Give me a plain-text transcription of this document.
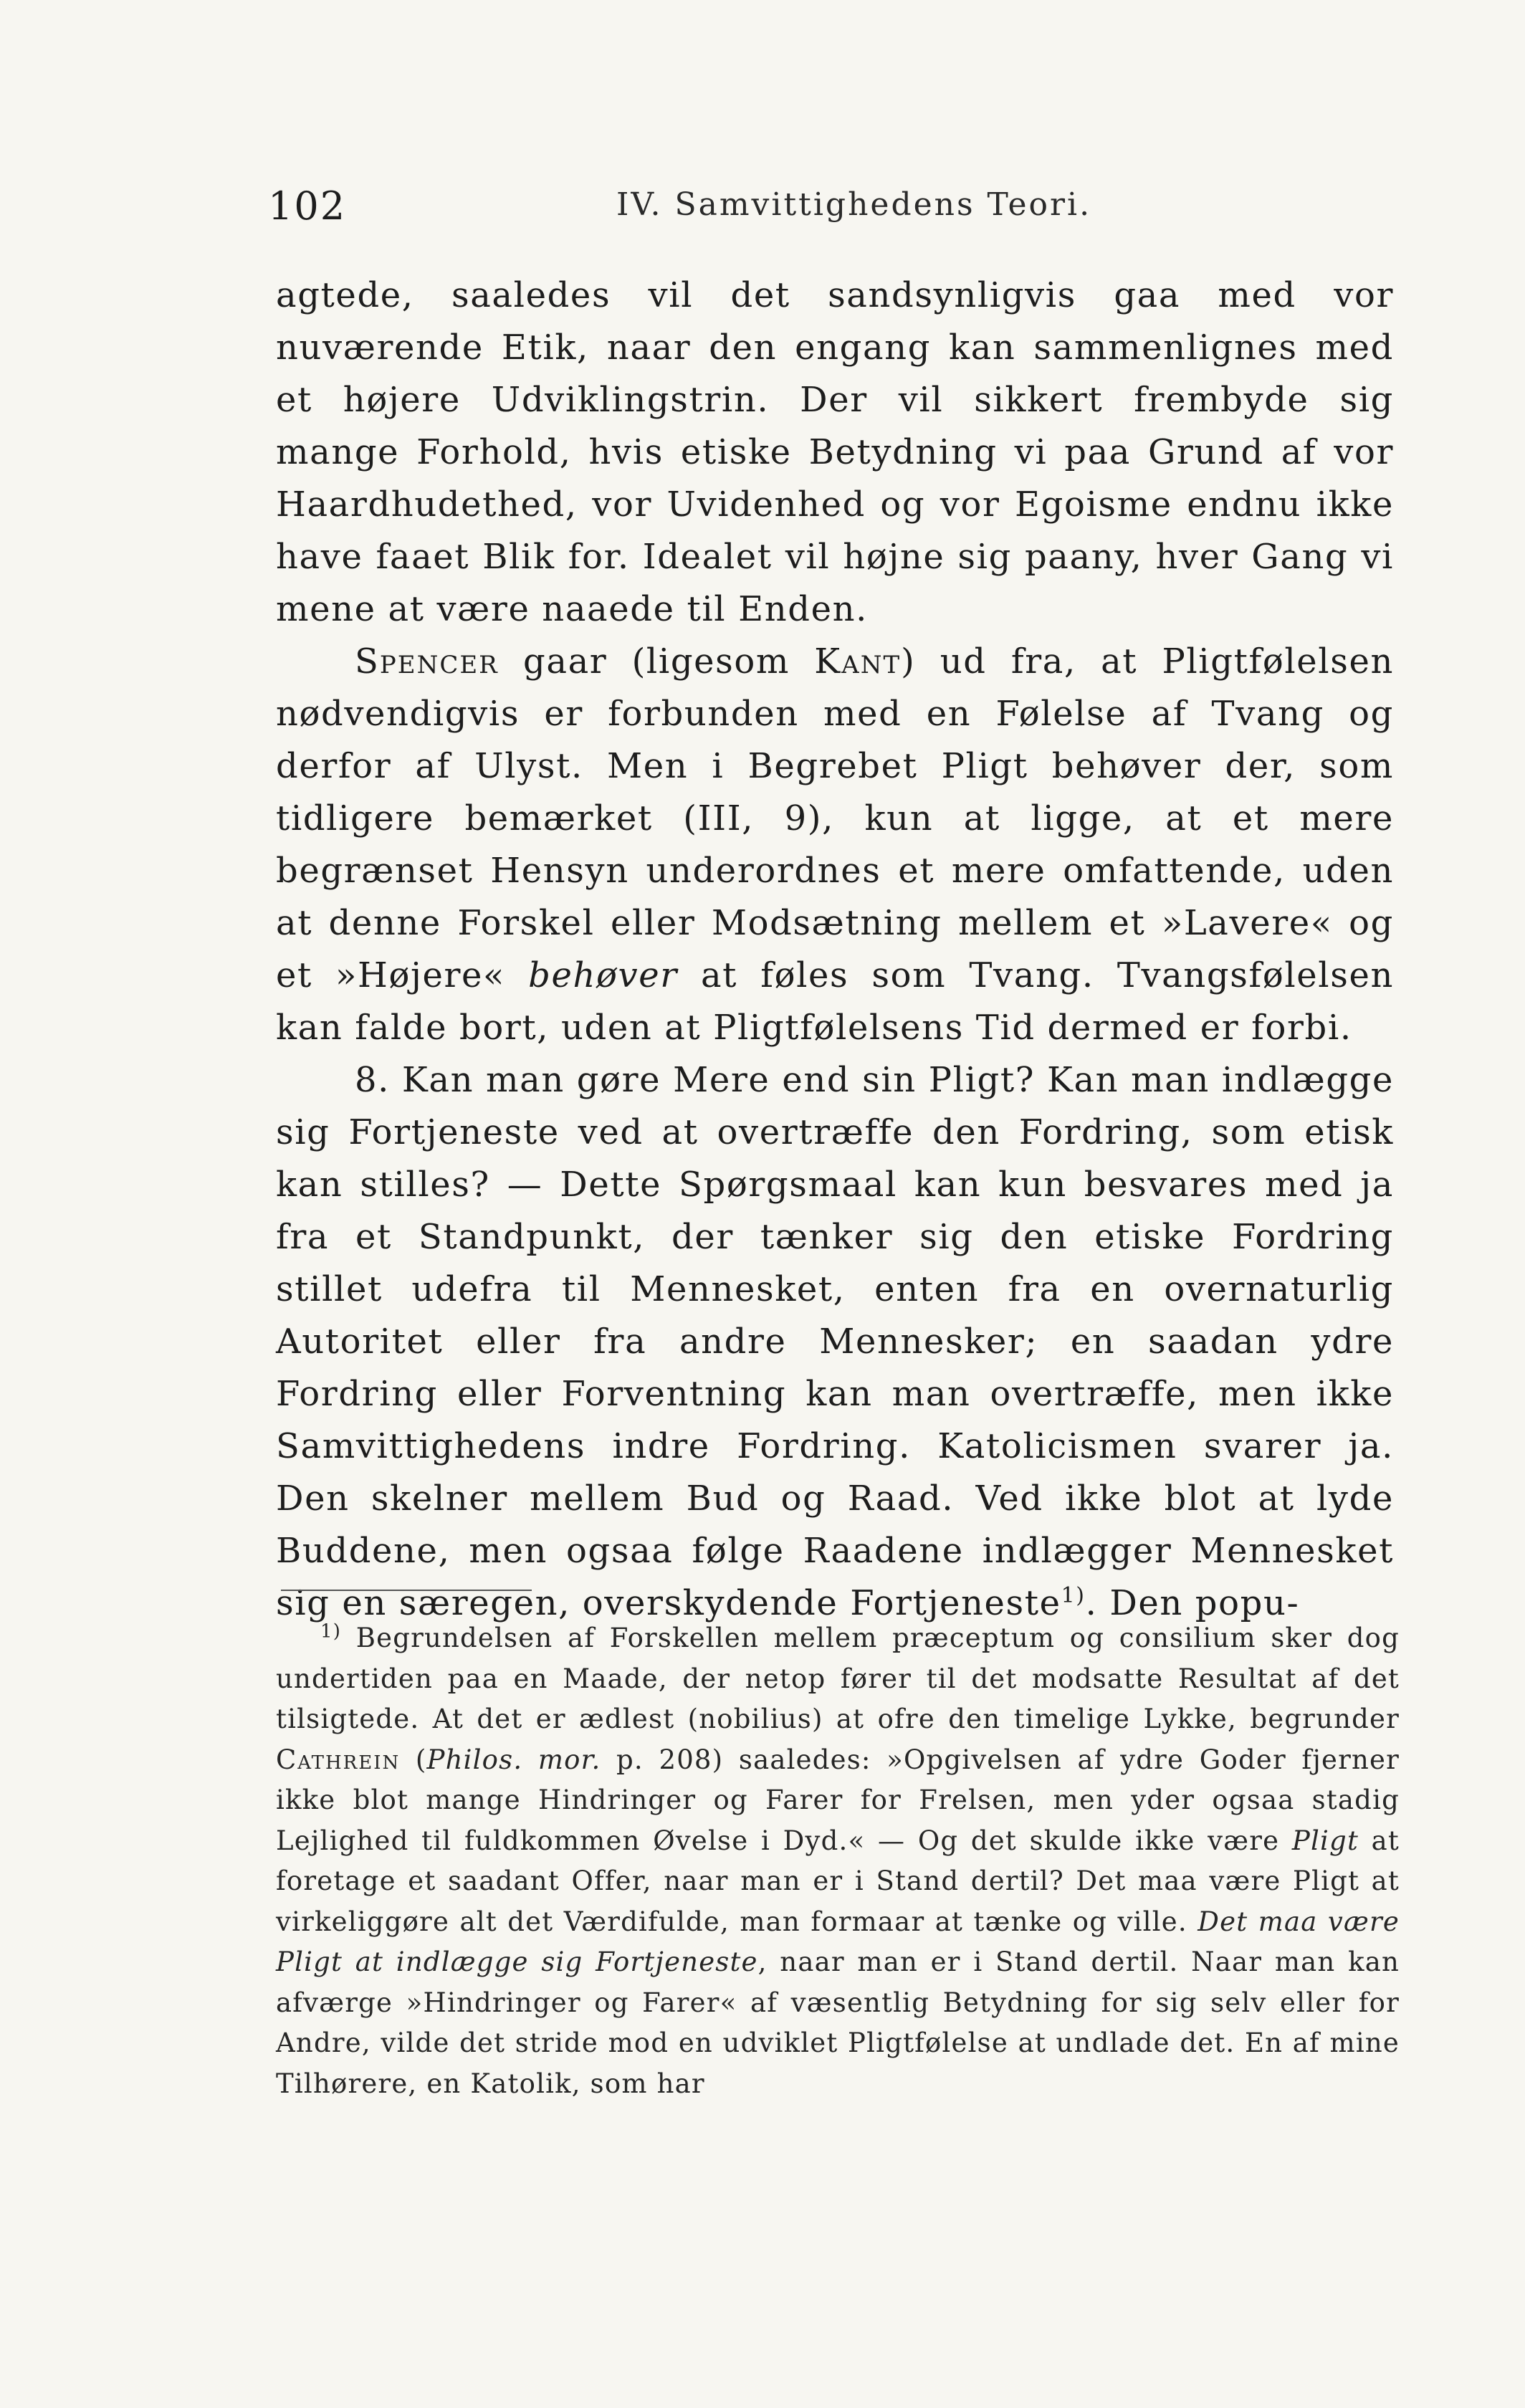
102	IV. Samvittighedens Teori.

agtede, saaledes vil det sandsynligvis gaa med vor nuværende Etik, naar den engang kan sammenlignes med et højere Udviklingstrin. Der vil sikkert frembyde sig mange Forhold, hvis etiske Betydning vi paa Grund af vor Haardhudethed, vor Uvidenhed og vor Egoisme endnu ikke have faaet Blik for. Idealet vil højne sig paany, hver Gang vi mene at være naaede til Enden.

Spencer gaar (ligesom Kant) ud fra, at Pligtfølelsen nødvendigvis er forbunden med en Følelse af Tvang og derfor af Ulyst. Men i Begrebet Pligt behøver der, som tidligere bemærket (III, 9), kun at ligge, at et mere begrænset Hensyn underordnes et mere omfattende, uden at denne Forskel eller Modsætning mellem et »Lavere« og et »Højere« behøver at føles som Tvang. Tvangsfølelsen kan falde bort, uden at Pligtfølelsens Tid dermed er forbi.

8. Kan man gøre Mere end sin Pligt? Kan man indlægge sig Fortjeneste ved at overtræffe den Fordring, som etisk kan stilles? — Dette Spørgsmaal kan kun besvares med ja fra et Standpunkt, der tænker sig den etiske Fordring stillet udefra til Mennesket, enten fra en overnaturlig Autoritet eller fra andre Mennesker; en saadan ydre Fordring eller Forventning kan man overtræffe, men ikke Samvittighedens indre Fordring. Katolicismen svarer ja. Den skelner mellem Bud og Raad. Ved ikke blot at lyde Buddene, men ogsaa følge Raadene indlægger Mennesket sig en særegen, overskydende Fortjeneste$^{1)}$. Den popu-

$^{1)}$ Begrundelsen af Forskellen mellem præceptum og consilium sker dog undertiden paa en Maade, der netop fører til det modsatte Resultat af det tilsigtede. At det er ædlest (nobilius) at ofre den timelige Lykke, begrunder Cathrein (Philos. mor. p. 208) saaledes: »Opgivelsen af ydre Goder fjerner ikke blot mange Hindringer og Farer for Frelsen, men yder ogsaa stadig Lejlighed til fuldkommen Øvelse i Dyd.« — Og det skulde ikke være Pligt at foretage et saadant Offer, naar man er i Stand dertil? Det maa være Pligt at virkeliggøre alt det Værdifulde, man formaar at tænke og ville. Det maa være Pligt at indlægge sig Fortjeneste, naar man er i Stand dertil. Naar man kan afværge »Hindringer og Farer« af væsentlig Betydning for sig selv eller for Andre, vilde det stride mod en udviklet Pligtfølelse at undlade det. En af mine Tilhørere, en Katolik, som har
